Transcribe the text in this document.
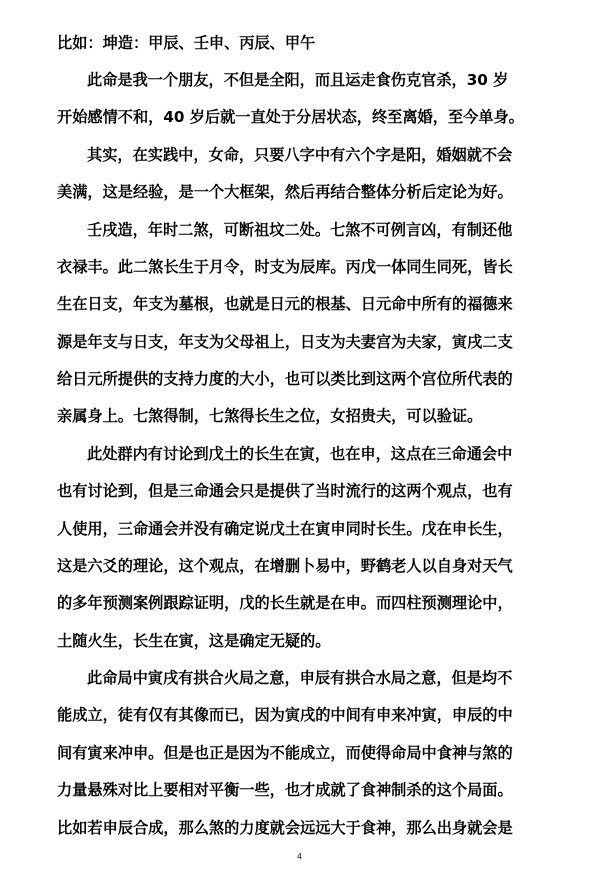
比如：坤造：甲辰、壬申、丙辰、甲午
此命是我一个朋友，不但是全阳，而且运走食伤克官杀，30 岁
开始感情不和，40 岁后就一直处于分居状态，终至离婚，至今单身。
其实，在实践中，女命，只要八字中有六个字是阳，婚姻就不会
美满，这是经验，是一个大框架，然后再结合整体分析后定论为好。
壬戌造，年时二煞，可断祖坟二处。七煞不可例言凶，有制还他
衣禄丰。此二煞长生于月令，时支为辰库。丙戊一体同生同死，皆长
生在日支，年支为墓根，也就是日元的根基、日元命中所有的福德来
源是年支与日支，年支为父母祖上，日支为夫妻宫为夫家，寅戌二支
给日元所提供的支持力度的大小，也可以类比到这两个宫位所代表的
亲属身上。七煞得制，七煞得长生之位，女招贵夫，可以验证。
此处群内有讨论到戊土的长生在寅，也在申，这点在三命通会中
也有讨论到，但是三命通会只是提供了当时流行的这两个观点，也有
人使用，三命通会并没有确定说戊土在寅申同时长生。戊在申长生，
这是六爻的理论，这个观点，在增删卜易中，野鹤老人以自身对天气
的多年预测案例跟踪证明，戊的长生就是在申。而四柱预测理论中，
土随火生，长生在寅，这是确定无疑的。
此命局中寅戌有拱合火局之意，申辰有拱合水局之意，但是均不
能成立，徒有仅有其像而已，因为寅戌的中间有申来冲寅，申辰的中
间有寅来冲申。但是也正是因为不能成立，而使得命局中食神与煞的
力量悬殊对比上要相对平衡一些，也才成就了食神制杀的这个局面。
比如若申辰合成，那么煞的力度就会远远大于食神，那么出身就会是
4
